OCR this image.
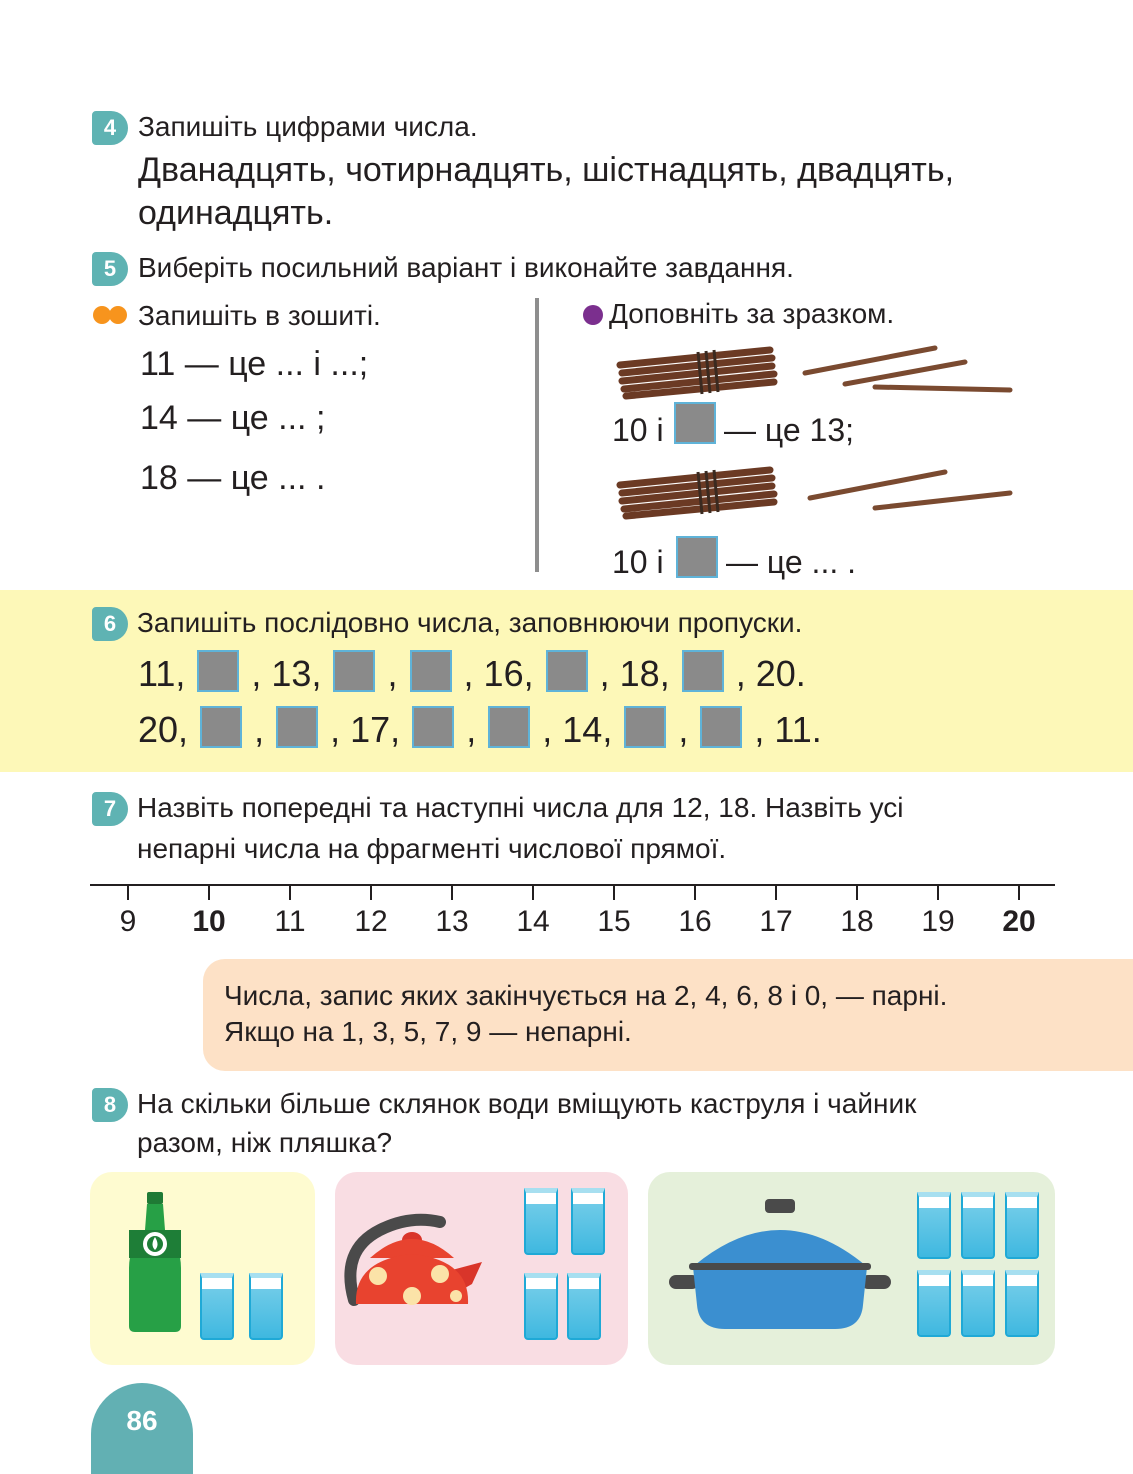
4 Запишіть цифрами числа.
Дванадцять, чотирнадцять, шістнадцять, двадцять,
одинадцять.
5 Виберіть посильний варіант і виконайте завдання.
Запишіть в зошиті.
11 — це ... і ...;
14 — це ... ;
18 — це ... .
Доповніть за зразком.
10 і — це 13;
10 і — це ... .
6 Запишіть послідовно числа, заповнюючи пропуски.
11, , 13, , , 16, , 18, , 20.
20, , , 17, , , 14, , , 11.
7 Назвіть попередні та наступні числа для 12, 18. Назвіть усі
непарні числа на фрагменті числової прямої.
9	10	11	12	13	14	15	16	17	18	19	20
Числа, запис яких закінчується на 2, 4, 6, 8 і 0, — парні.
Якщо на 1, 3, 5, 7, 9 — непарні.
8 На скільки більше склянок води вміщують каструля і чайник
разом, ніж пляшка?
86
